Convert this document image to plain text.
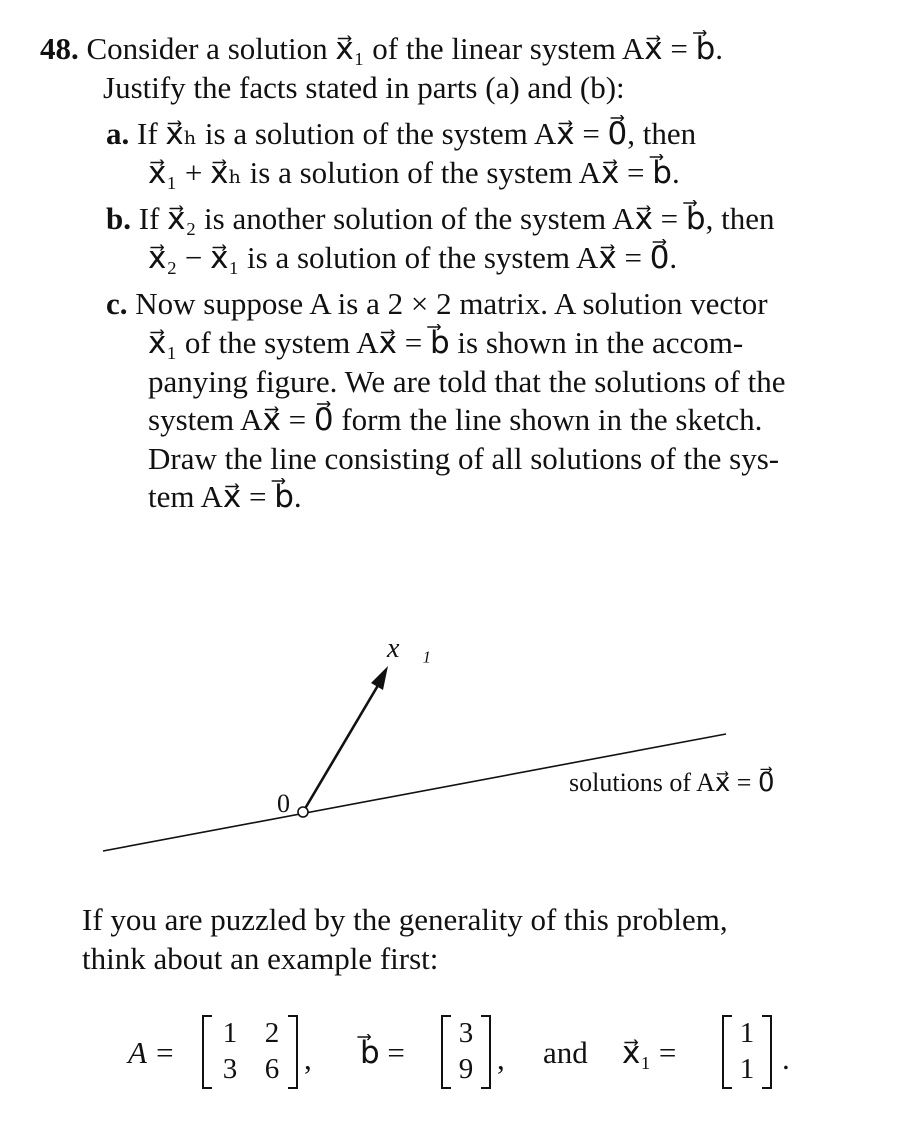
48. Consider a solution x⃗₁ of the linear system Ax⃗ = b⃗.
Justify the facts stated in parts (a) and (b):
a. If x⃗ₕ is a solution of the system Ax⃗ = 0⃗, then
x⃗₁ + x⃗ₕ is a solution of the system Ax⃗ = b⃗.
b. If x⃗₂ is another solution of the system Ax⃗ = b⃗, then
x⃗₂ − x⃗₁ is a solution of the system Ax⃗ = 0⃗.
c. Now suppose A is a 2 × 2 matrix. A solution vector
x⃗₁ of the system Ax⃗ = b⃗ is shown in the accom-
panying figure. We are told that the solutions of the
system Ax⃗ = 0⃗ form the line shown in the sketch.
Draw the line consisting of all solutions of the sys-
tem Ax⃗ = b⃗.
x⃗₁
0
solutions of Ax⃗ = 0⃗
If you are puzzled by the generality of this problem,
think about an example first:
A =
1 2
3 6 , b⃗ =
3
9 , and x⃗₁ =
1
1 .
